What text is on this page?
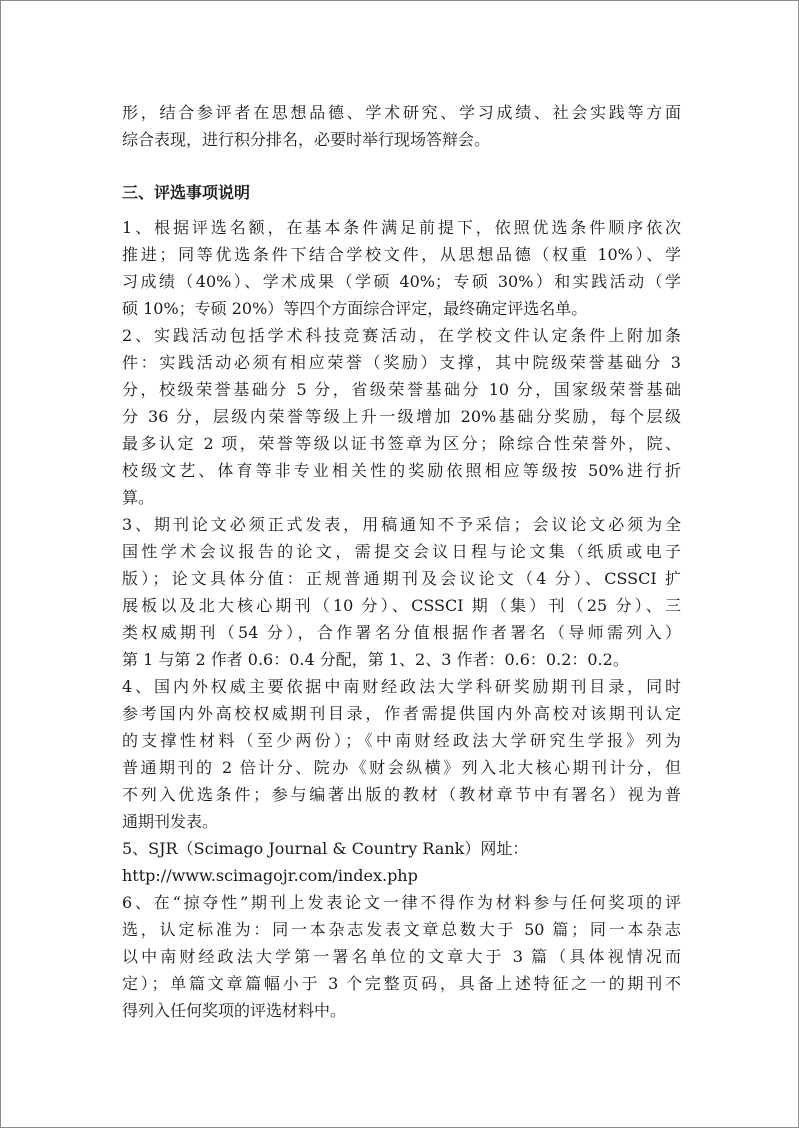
形，结合参评者在思想品德、学术研究、学习成绩、社会实践等方面
综合表现，进行积分排名，必要时举行现场答辩会。
三、评选事项说明
1、根据评选名额，在基本条件满足前提下，依照优选条件顺序依次
推进；同等优选条件下结合学校文件，从思想品德（权重 10%）、学
习成绩（40%）、学术成果（学硕 40%；专硕 30%）和实践活动（学
硕 10%；专硕 20%）等四个方面综合评定，最终确定评选名单。
2、实践活动包括学术科技竞赛活动，在学校文件认定条件上附加条
件：实践活动必须有相应荣誉（奖励）支撑，其中院级荣誉基础分 3
分，校级荣誉基础分 5 分，省级荣誉基础分 10 分，国家级荣誉基础
分 36 分，层级内荣誉等级上升一级增加 20%基础分奖励，每个层级
最多认定 2 项，荣誉等级以证书签章为区分；除综合性荣誉外，院、
校级文艺、体育等非专业相关性的奖励依照相应等级按 50%进行折
算。
3、期刊论文必须正式发表，用稿通知不予采信；会议论文必须为全
国性学术会议报告的论文，需提交会议日程与论文集（纸质或电子
版）；论文具体分值：正规普通期刊及会议论文（4 分）、CSSCI 扩
展板以及北大核心期刊（10 分）、CSSCI 期（集）刊（25 分）、三
类权威期刊（54 分），合作署名分值根据作者署名（导师需列入）
第 1 与第 2 作者 0.6：0.4 分配，第 1、2、3 作者：0.6：0.2：0.2。
4、国内外权威主要依据中南财经政法大学科研奖励期刊目录，同时
参考国内外高校权威期刊目录，作者需提供国内外高校对该期刊认定
的支撑性材料（至少两份）；《中南财经政法大学研究生学报》列为
普通期刊的 2 倍计分、院办《财会纵横》列入北大核心期刊计分，但
不列入优选条件；参与编著出版的教材（教材章节中有署名）视为普
通期刊发表。
5、SJR（Scimago Journal & Country Rank）网址：
http://www.scimagojr.com/index.php
6、在“掠夺性”期刊上发表论文一律不得作为材料参与任何奖项的评
选，认定标准为：同一本杂志发表文章总数大于 50 篇；同一本杂志
以中南财经政法大学第一署名单位的文章大于 3 篇（具体视情况而
定）；单篇文章篇幅小于 3 个完整页码，具备上述特征之一的期刊不
得列入任何奖项的评选材料中。
